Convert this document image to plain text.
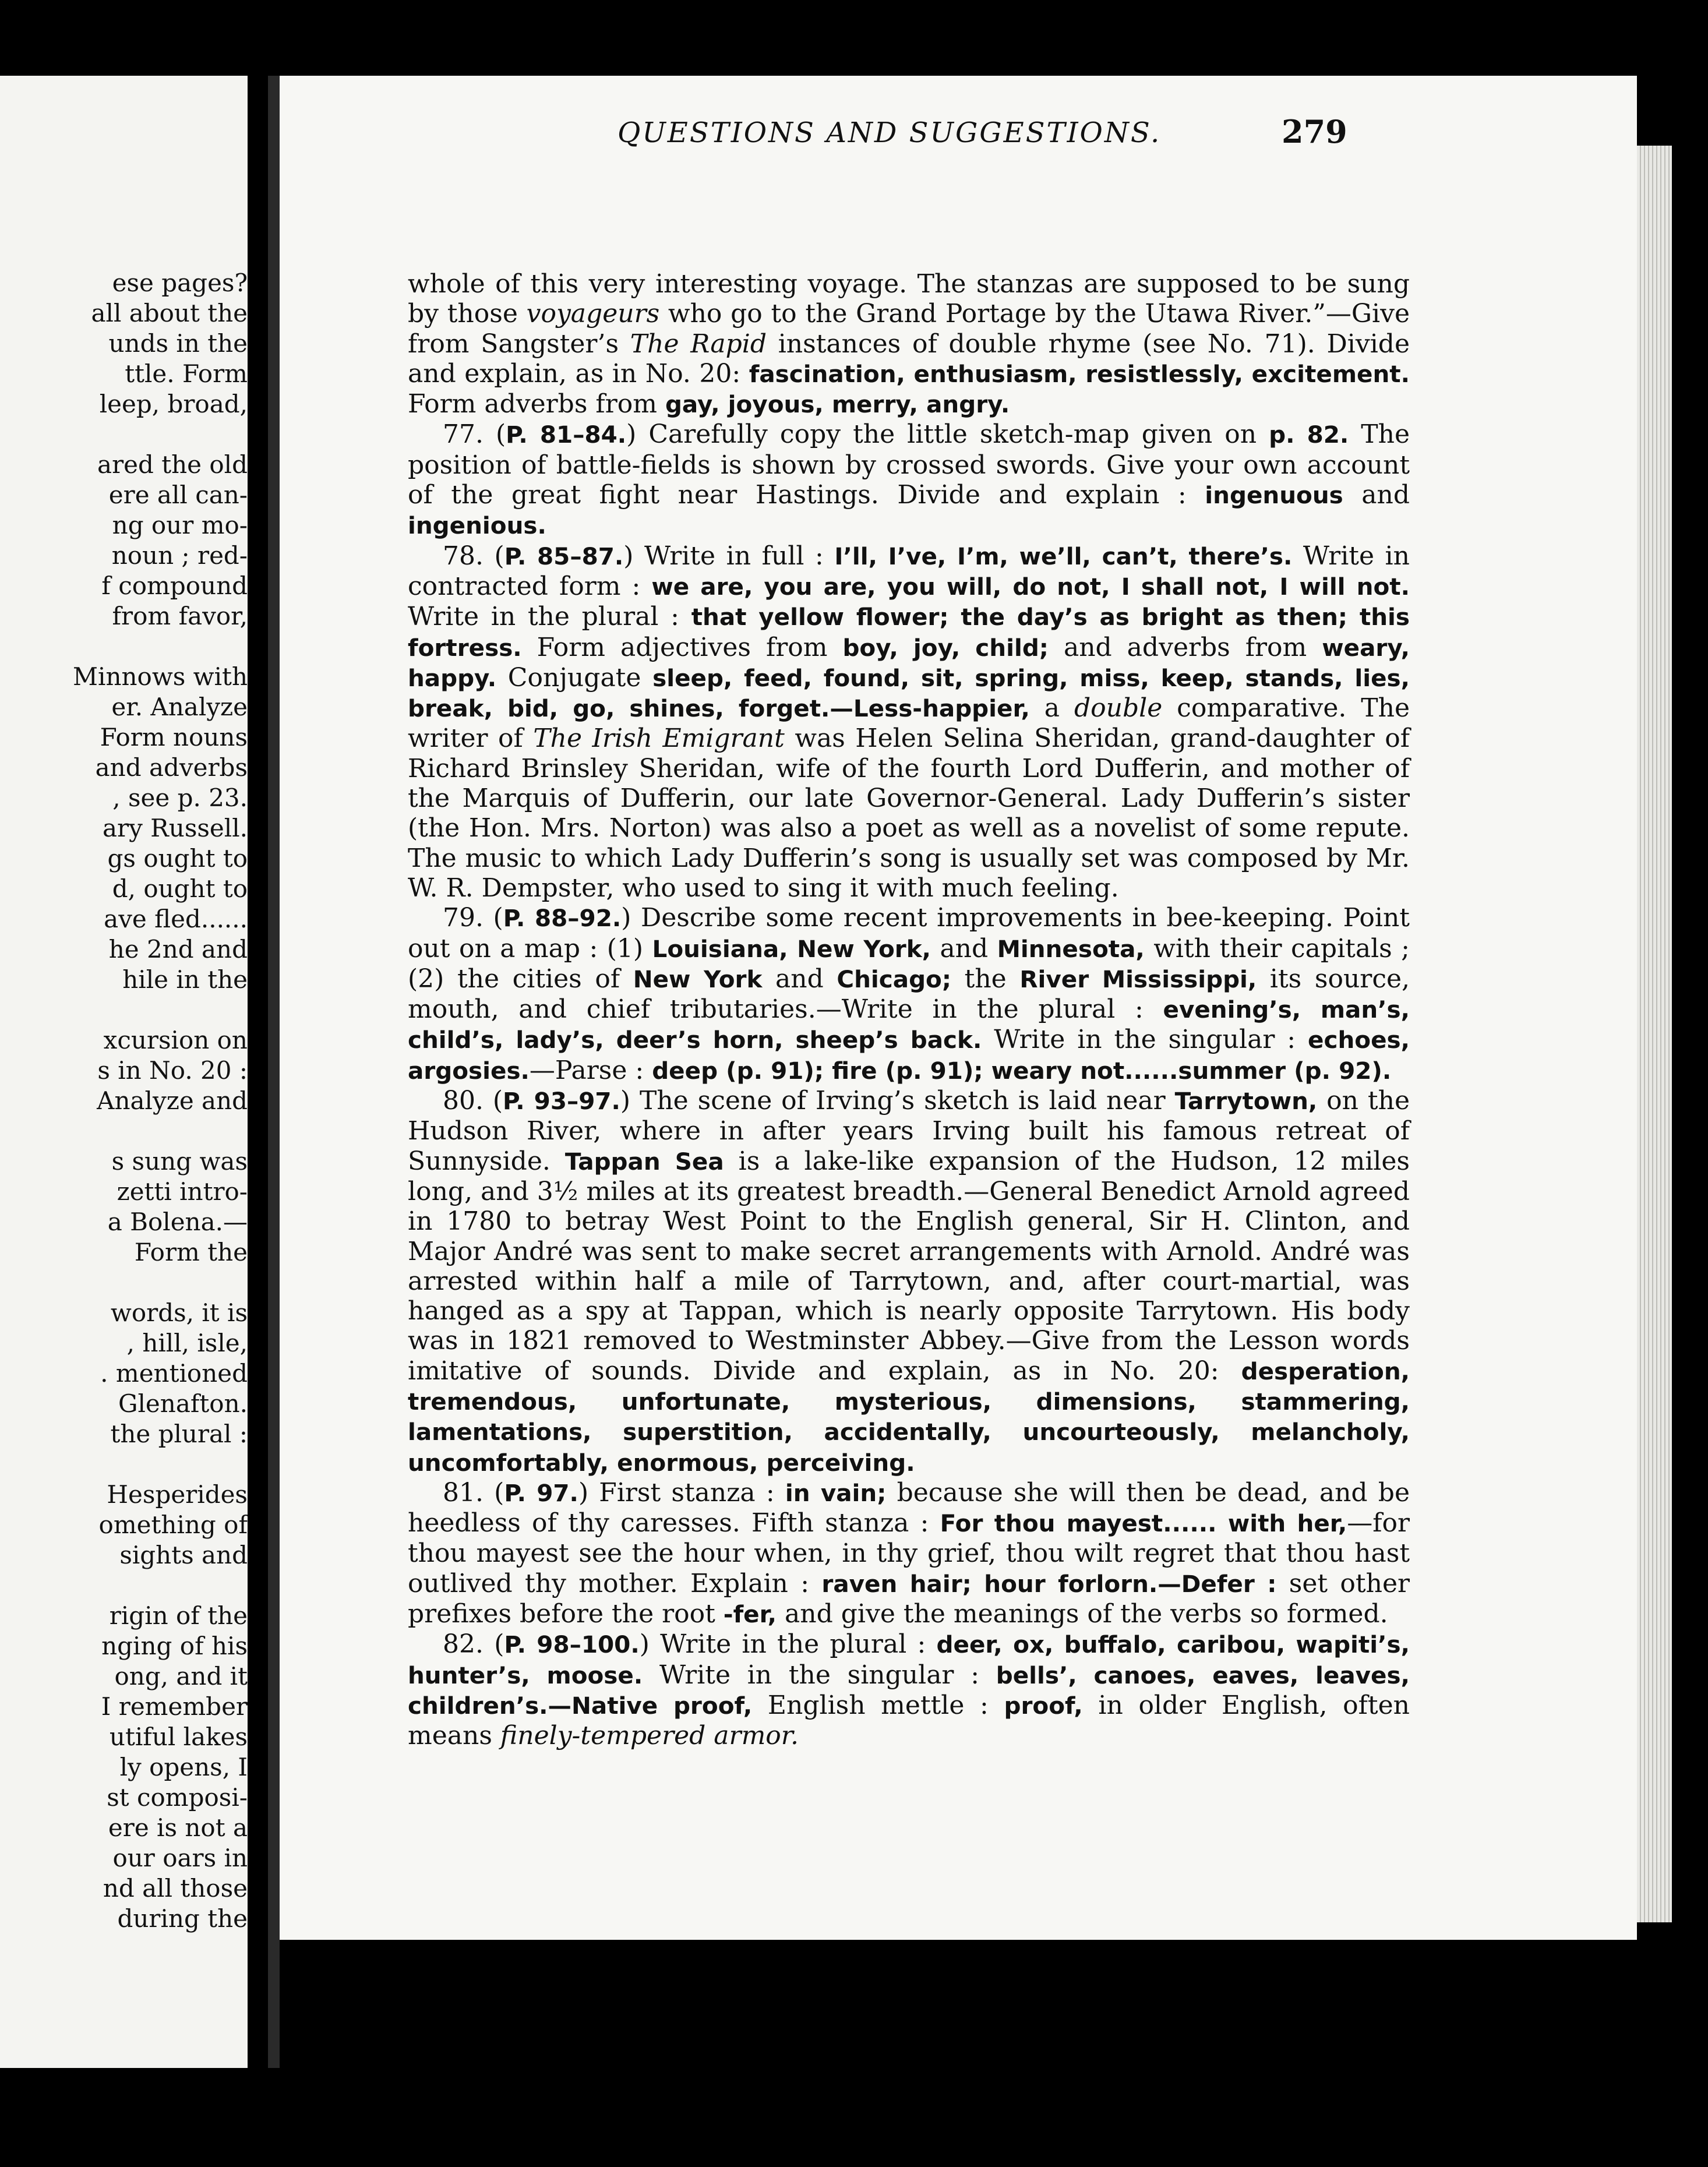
ese pages?
all about the
unds in the
ttle. Form
leep, broad,
ared the old
ere all can-
ng our mo-
noun ; red-
f compound
from favor,
Minnows with
er. Analyze
Form nouns
and adverbs
, see p. 23.
ary Russell.
gs ought to
d, ought to
ave fled......
he 2nd and
hile in the
xcursion on
s in No. 20 :
Analyze and
s sung was
zetti intro-
a Bolena.—
Form the
words, it is
, hill, isle,
. mentioned
Glenafton.
the plural :
Hesperides
omething of
sights and
rigin of the
nging of his
ong, and it
I remember
utiful lakes
ly opens, I
st composi-
ere is not a
our oars in
nd all those
during the
QUESTIONS AND SUGGESTIONS.	279

whole of this very interesting voyage. The stanzas are supposed to be sung by those voyageurs who go to the Grand Portage by the Utawa River.”—Give from Sangster’s The Rapid instances of double rhyme (see No. 71). Divide and explain, as in No. 20: fascination, enthusiasm, resistlessly, excitement. Form adverbs from gay, joyous, merry, angry.

77. (P. 81–84.) Carefully copy the little sketch-map given on p. 82. The position of battle-fields is shown by crossed swords. Give your own account of the great fight near Hastings. Divide and explain : ingenuous and ingenious.

78. (P. 85–87.) Write in full : I’ll, I’ve, I’m, we’ll, can’t, there’s. Write in contracted form : we are, you are, you will, do not, I shall not, I will not. Write in the plural : that yellow flower; the day’s as bright as then; this fortress. Form adjectives from boy, joy, child; and adverbs from weary, happy. Conjugate sleep, feed, found, sit, spring, miss, keep, stands, lies, break, bid, go, shines, forget.—Less-happier, a double comparative. The writer of The Irish Emigrant was Helen Selina Sheridan, grand-daughter of Richard Brinsley Sheridan, wife of the fourth Lord Dufferin, and mother of the Marquis of Dufferin, our late Governor-General. Lady Dufferin’s sister (the Hon. Mrs. Norton) was also a poet as well as a novelist of some repute. The music to which Lady Dufferin’s song is usually set was composed by Mr. W. R. Dempster, who used to sing it with much feeling.

79. (P. 88–92.) Describe some recent improvements in bee-keeping. Point out on a map : (1) Louisiana, New York, and Minnesota, with their capitals ; (2) the cities of New York and Chicago; the River Mississippi, its source, mouth, and chief tributaries.—Write in the plural : evening’s, man’s, child’s, lady’s, deer’s horn, sheep’s back. Write in the singular : echoes, argosies.—Parse : deep (p. 91); fire (p. 91); weary not......summer (p. 92).

80. (P. 93–97.) The scene of Irving’s sketch is laid near Tarrytown, on the Hudson River, where in after years Irving built his famous retreat of Sunnyside. Tappan Sea is a lake-like expansion of the Hudson, 12 miles long, and 3½ miles at its greatest breadth.—General Benedict Arnold agreed in 1780 to betray West Point to the English general, Sir H. Clinton, and Major André was sent to make secret arrangements with Arnold. André was arrested within half a mile of Tarrytown, and, after court-martial, was hanged as a spy at Tappan, which is nearly opposite Tarrytown. His body was in 1821 removed to Westminster Abbey.—Give from the Lesson words imitative of sounds. Divide and explain, as in No. 20: desperation, tremendous, unfortunate, mysterious, dimensions, stammering, lamentations, superstition, accidentally, uncourteously, melancholy, uncomfortably, enormous, perceiving.

81. (P. 97.) First stanza : in vain; because she will then be dead, and be heedless of thy caresses. Fifth stanza : For thou mayest...... with her,—for thou mayest see the hour when, in thy grief, thou wilt regret that thou hast outlived thy mother. Explain : raven hair; hour forlorn.—Defer : set other prefixes before the root -fer, and give the meanings of the verbs so formed.

82. (P. 98–100.) Write in the plural : deer, ox, buffalo, caribou, wapiti’s, hunter’s, moose. Write in the singular : bells’, canoes, eaves, leaves, children’s.—Native proof, English mettle : proof, in older English, often means finely-tempered armor.
